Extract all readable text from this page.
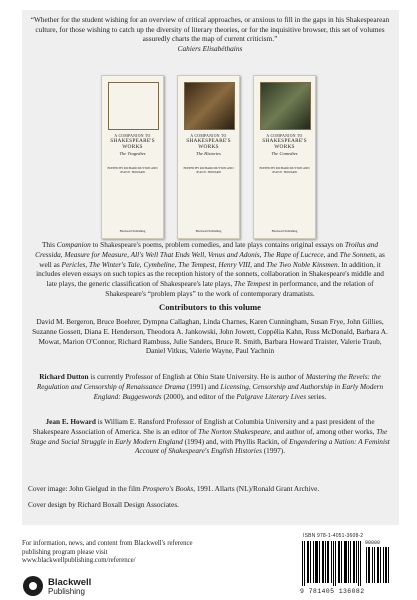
“Whether for the student wishing for an overview of critical approaches, or anxious to fill in the gaps in his Shakespearean culture, for those wishing to catch up the diversity of literary theories, or for the inquisitive browser, this set of volumes assuredly charts the map of current criticism.”
Cahiers Elisabéthains
A COMPANION TO
SHAKESPEARE'S WORKS
The Tragedies
EDITED BY RICHARD DUTTON AND JEAN E. HOWARD
Blackwell Publishing
A COMPANION TO
SHAKESPEARE'S WORKS
The Histories
EDITED BY RICHARD DUTTON AND JEAN E. HOWARD
Blackwell Publishing
A COMPANION TO
SHAKESPEARE'S WORKS
The Comedies
EDITED BY RICHARD DUTTON AND JEAN E. HOWARD
Blackwell Publishing
This Companion to Shakespeare's poems, problem comedies, and late plays contains original essays on Troilus and Cressida, Measure for Measure, All's Well That Ends Well, Venus and Adonis, The Rape of Lucrece, and The Sonnets, as well as Pericles, The Winter's Tale, Cymbeline, The Tempest, Henry VIII, and The Two Noble Kinsmen. In addition, it includes eleven essays on such topics as the reception history of the sonnets, collaboration in Shakespeare's middle and late plays, the generic classification of Shakespeare's late plays, The Tempest in performance, and the relation of Shakespeare's “problem plays” to the work of contemporary dramatists.
Contributors to this volume
David M. Bergeron, Bruce Boehrer, Dympna Callaghan, Linda Charnes, Karen Cunningham, Susan Frye, John Gillies, Suzanne Gossett, Diana E. Henderson, Theodora A. Jankowski, John Jowett, Coppélia Kahn, Russ McDonald, Barbara A. Mowat, Marion O'Connor, Richard Rambuss, Julie Sanders, Bruce R. Smith, Barbara Howard Traister, Valerie Traub, Daniel Vitkus, Valerie Wayne, Paul Yachnin
Richard Dutton is currently Professor of English at Ohio State University. He is author of Mastering the Revels: the Regulation and Censorship of Renaissance Drama (1991) and Licensing, Censorship and Authorship in Early Modern England: Buggeswords (2000), and editor of the Palgrave Literary Lives series.
Jean E. Howard is William E. Ransford Professor of English at Columbia University and a past president of the Shakespeare Association of America. She is an editor of The Norton Shakespeare, and author of, among other works, The Stage and Social Struggle in Early Modern England (1994) and, with Phyllis Rackin, of Engendering a Nation: A Feminist Account of Shakespeare's English Histories (1997).
Cover image: John Gielgud in the film Prospero's Books, 1991. Allarts (NL)/Ronald Grant Archive.
Cover design by Richard Boxall Design Associates.
For information, news, and content from Blackwell's reference publishing program please visit www.blackwellpublishing.com/reference/
Blackwell
Publishing
ISBN 978-1-4051-3608-2
90000
9 781405 136082
